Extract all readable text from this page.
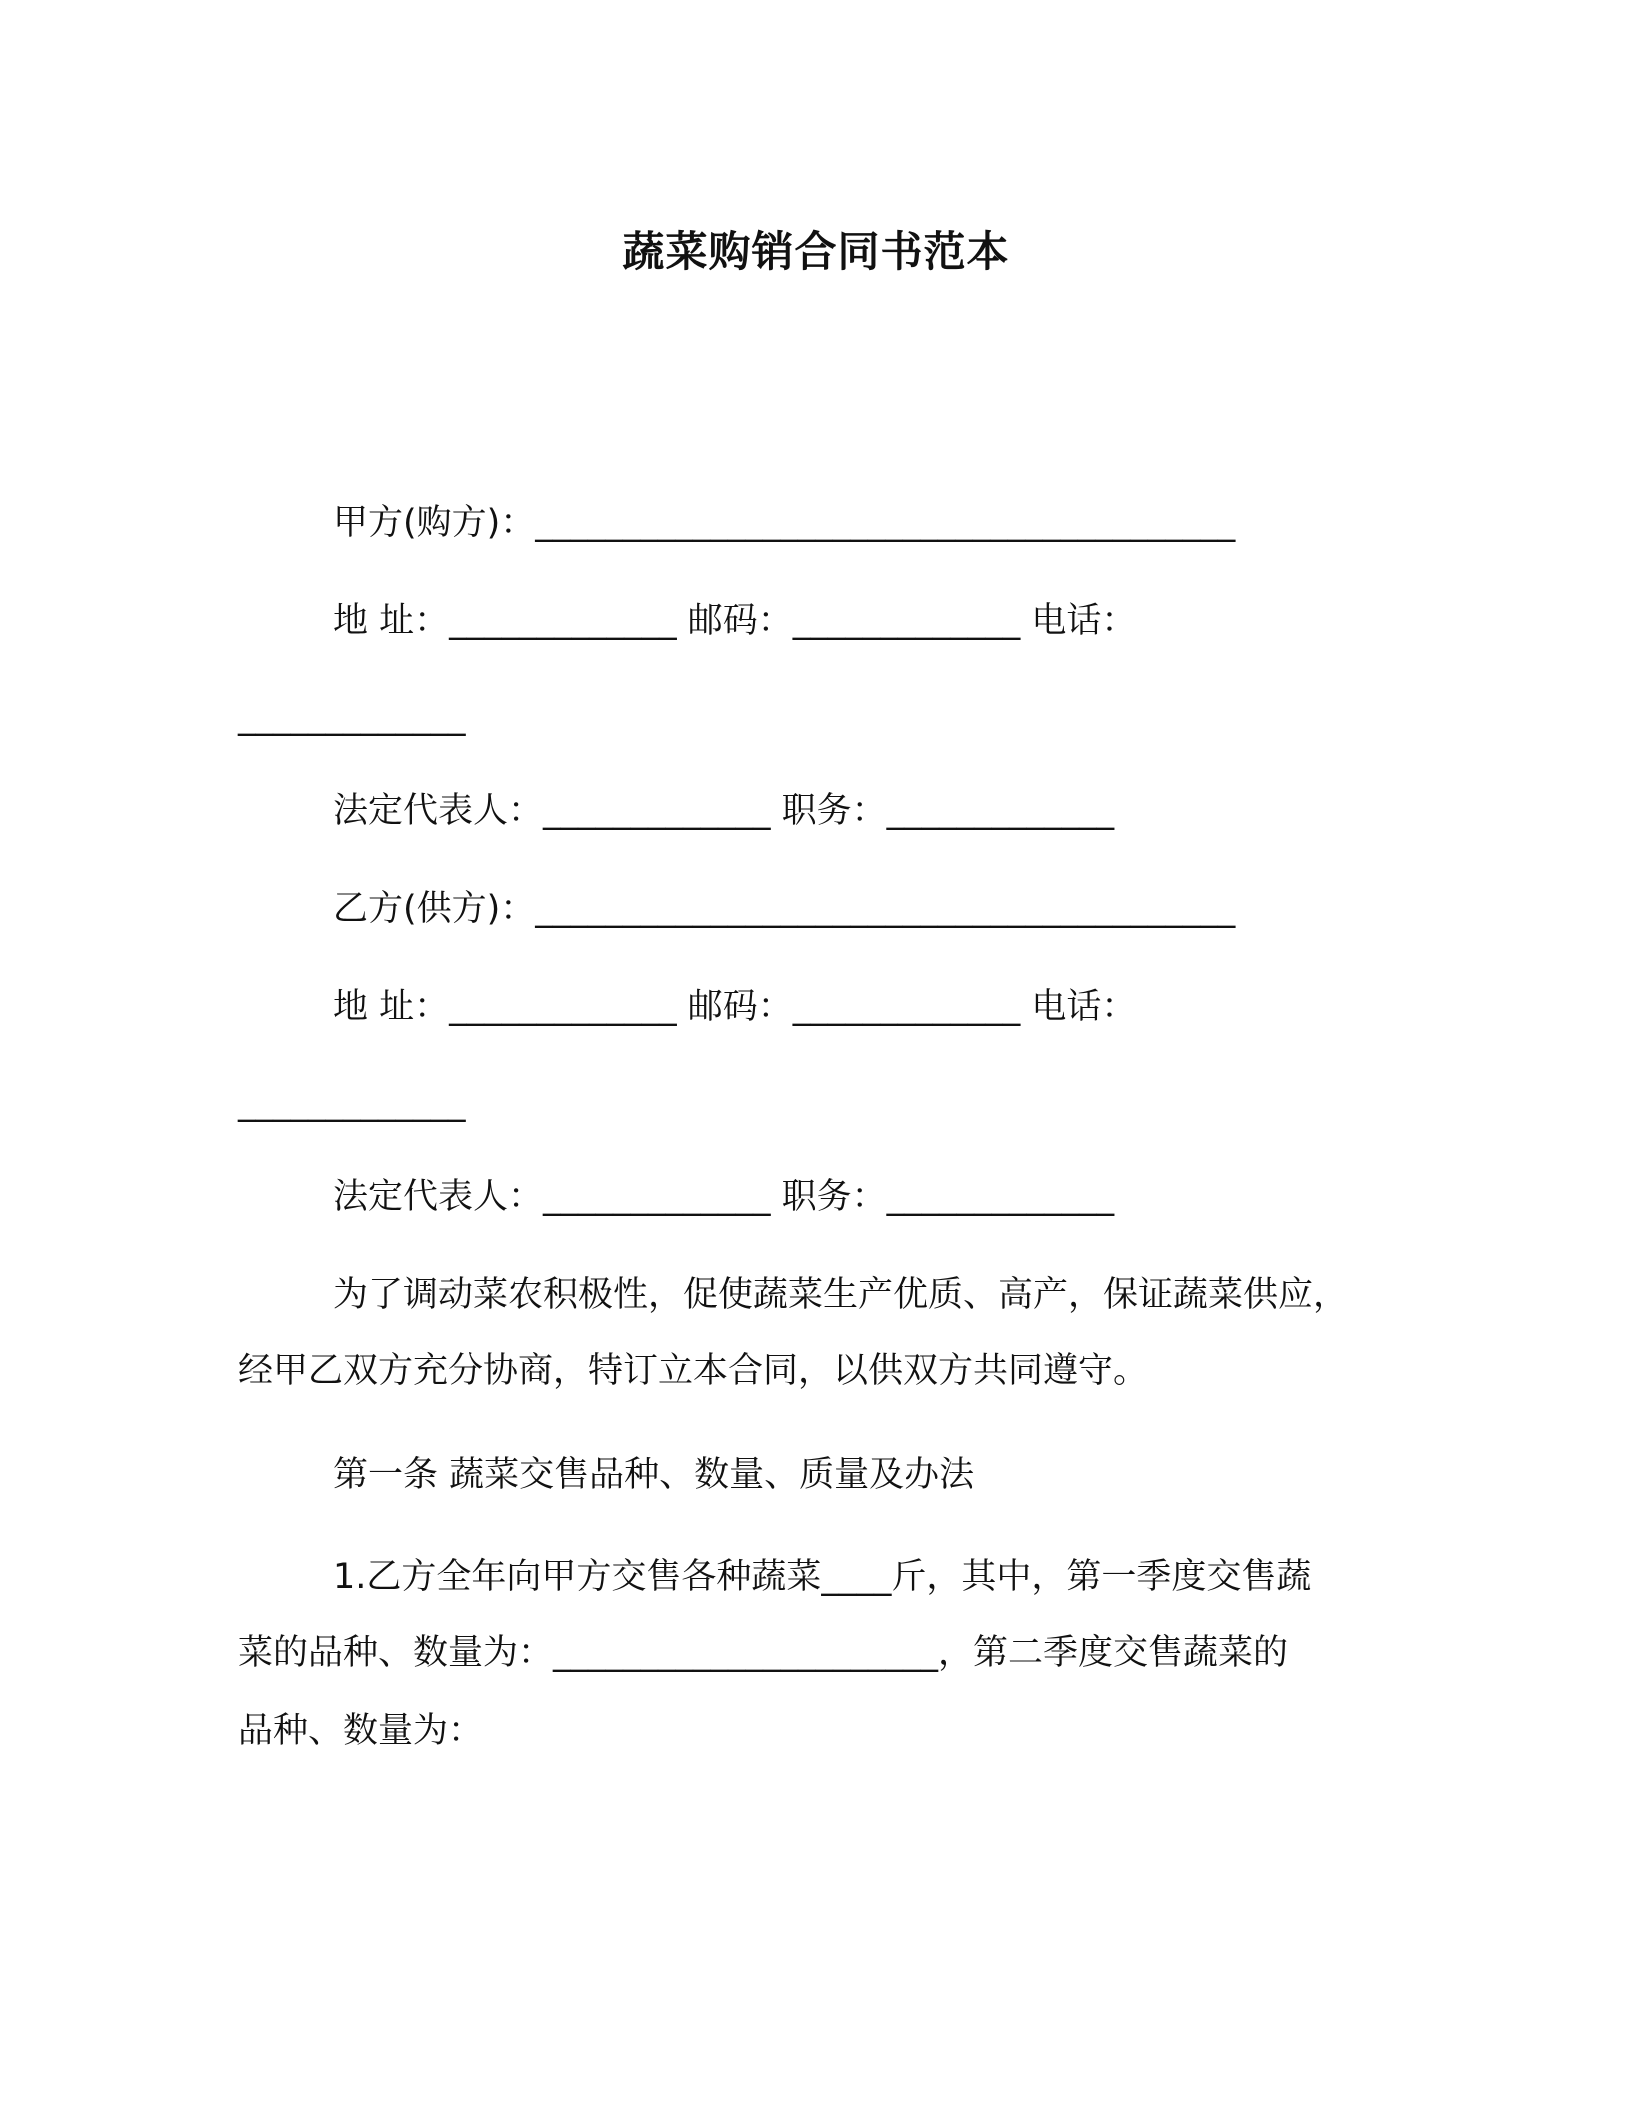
蔬菜购销合同书范本

甲方(购方)：________________________________________

地 址：_____________ 邮码：_____________ 电话：

_____________

法定代表人：_____________ 职务：_____________

乙方(供方)：________________________________________

地 址：_____________ 邮码：_____________ 电话：

_____________

法定代表人：_____________ 职务：_____________

为了调动菜农积极性，促使蔬菜生产优质、高产，保证蔬菜供应，

经甲乙双方充分协商，特订立本合同，以供双方共同遵守。

第一条 蔬菜交售品种、数量、质量及办法

1.乙方全年向甲方交售各种蔬菜____斤，其中，第一季度交售蔬

菜的品种、数量为：______________________，第二季度交售蔬菜的

品种、数量为：
